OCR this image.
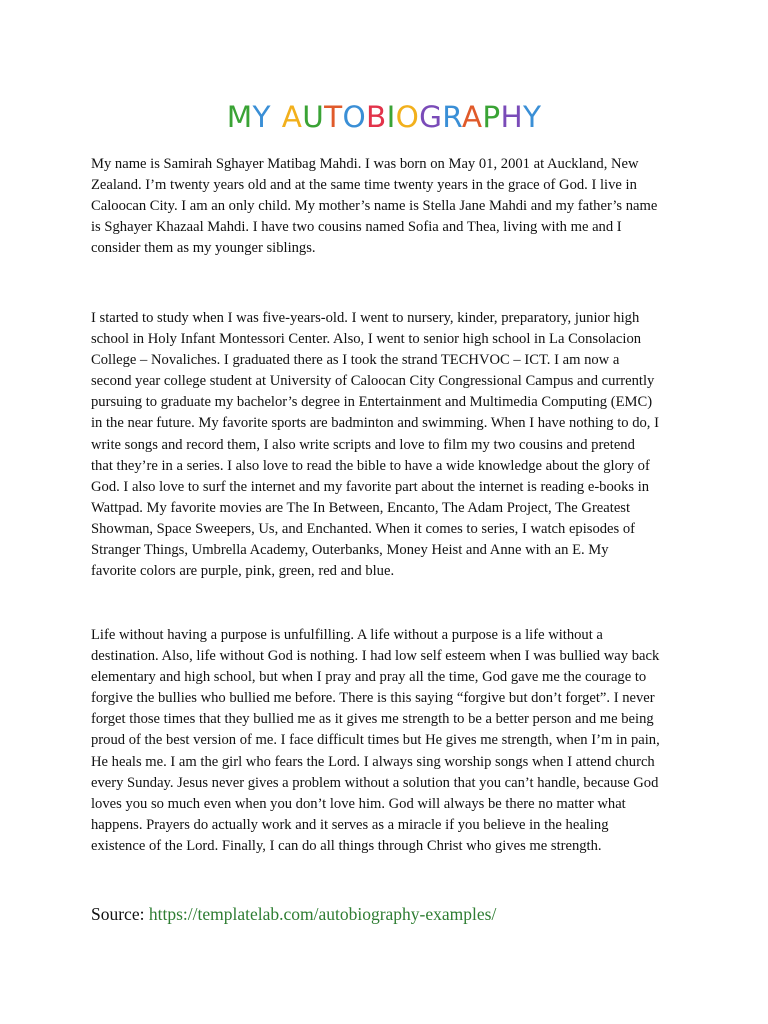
MY AUTOBIOGRAPHY
My name is Samirah Sghayer Matibag Mahdi. I was born on May 01, 2001 at Auckland, New
Zealand. I’m twenty years old and at the same time twenty years in the grace of God. I live in
Caloocan City. I am an only child. My mother’s name is Stella Jane Mahdi and my father’s name
is Sghayer Khazaal Mahdi. I have two cousins named Sofia and Thea, living with me and I
consider them as my younger siblings.
I started to study when I was five-years-old. I went to nursery, kinder, preparatory, junior high
school in Holy Infant Montessori Center. Also, I went to senior high school in La Consolacion
College – Novaliches. I graduated there as I took the strand TECHVOC – ICT. I am now a
second year college student at University of Caloocan City Congressional Campus and currently
pursuing to graduate my bachelor’s degree in Entertainment and Multimedia Computing (EMC)
in the near future. My favorite sports are badminton and swimming. When I have nothing to do, I
write songs and record them, I also write scripts and love to film my two cousins and pretend
that they’re in a series. I also love to read the bible to have a wide knowledge about the glory of
God. I also love to surf the internet and my favorite part about the internet is reading e-books in
Wattpad. My favorite movies are The In Between, Encanto, The Adam Project, The Greatest
Showman, Space Sweepers, Us, and Enchanted. When it comes to series, I watch episodes of
Stranger Things, Umbrella Academy, Outerbanks, Money Heist and Anne with an E. My
favorite colors are purple, pink, green, red and blue.
Life without having a purpose is unfulfilling. A life without a purpose is a life without a
destination. Also, life without God is nothing. I had low self esteem when I was bullied way back
elementary and high school, but when I pray and pray all the time, God gave me the courage to
forgive the bullies who bullied me before. There is this saying “forgive but don’t forget”. I never
forget those times that they bullied me as it gives me strength to be a better person and me being
proud of the best version of me. I face difficult times but He gives me strength, when I’m in pain,
He heals me. I am the girl who fears the Lord. I always sing worship songs when I attend church
every Sunday. Jesus never gives a problem without a solution that you can’t handle, because God
loves you so much even when you don’t love him. God will always be there no matter what
happens. Prayers do actually work and it serves as a miracle if you believe in the healing
existence of the Lord. Finally, I can do all things through Christ who gives me strength.
Source: https://templatelab.com/autobiography-examples/
